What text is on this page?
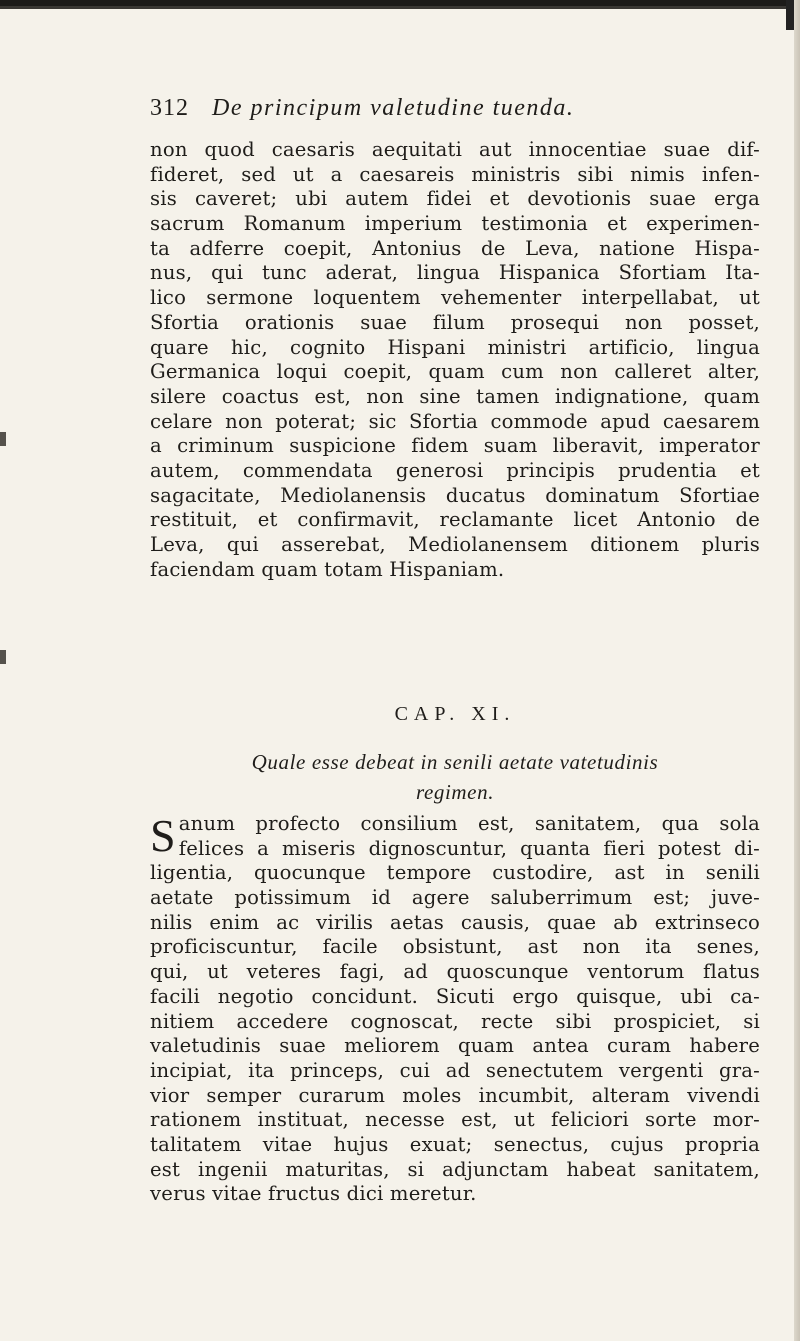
312 De principum valetudine tuenda.
non quod caesaris aequitati aut innocentiae suae dif-
fideret, sed ut a caesareis ministris sibi nimis infen-
sis caveret; ubi autem fidei et devotionis suae erga
sacrum Romanum imperium testimonia et experimen-
ta adferre coepit, Antonius de Leva, natione Hispa-
nus, qui tunc aderat, lingua Hispanica Sfortiam Ita-
lico sermone loquentem vehementer interpellabat, ut
Sfortia orationis suae filum prosequi non posset,
quare hic, cognito Hispani ministri artificio, lingua
Germanica loqui coepit, quam cum non calleret alter,
silere coactus est, non sine tamen indignatione, quam
celare non poterat; sic Sfortia commode apud caesarem
a criminum suspicione fidem suam liberavit, imperator
autem, commendata generosi principis prudentia et
sagacitate, Mediolanensis ducatus dominatum Sfortiae
restituit, et confirmavit, reclamante licet Antonio de
Leva, qui asserebat, Mediolanensem ditionem pluris
faciendam quam totam Hispaniam.
CAP. XI.
Quale esse debeat in senili aetate vatetudinis
regimen.
S anum profecto consilium est, sanitatem, qua sola
felices a miseris dignoscuntur, quanta fieri potest di-
ligentia, quocunque tempore custodire, ast in senili
aetate potissimum id agere saluberrimum est; juve-
nilis enim ac virilis aetas causis, quae ab extrinseco
proficiscuntur, facile obsistunt, ast non ita senes,
qui, ut veteres fagi, ad quoscunque ventorum flatus
facili negotio concidunt. Sicuti ergo quisque, ubi ca-
nitiem accedere cognoscat, recte sibi prospiciet, si
valetudinis suae meliorem quam antea curam habere
incipiat, ita princeps, cui ad senectutem vergenti gra-
vior semper curarum moles incumbit, alteram vivendi
rationem instituat, necesse est, ut feliciori sorte mor-
talitatem vitae hujus exuat; senectus, cujus propria
est ingenii maturitas, si adjunctam habeat sanitatem,
verus vitae fructus dici meretur.
